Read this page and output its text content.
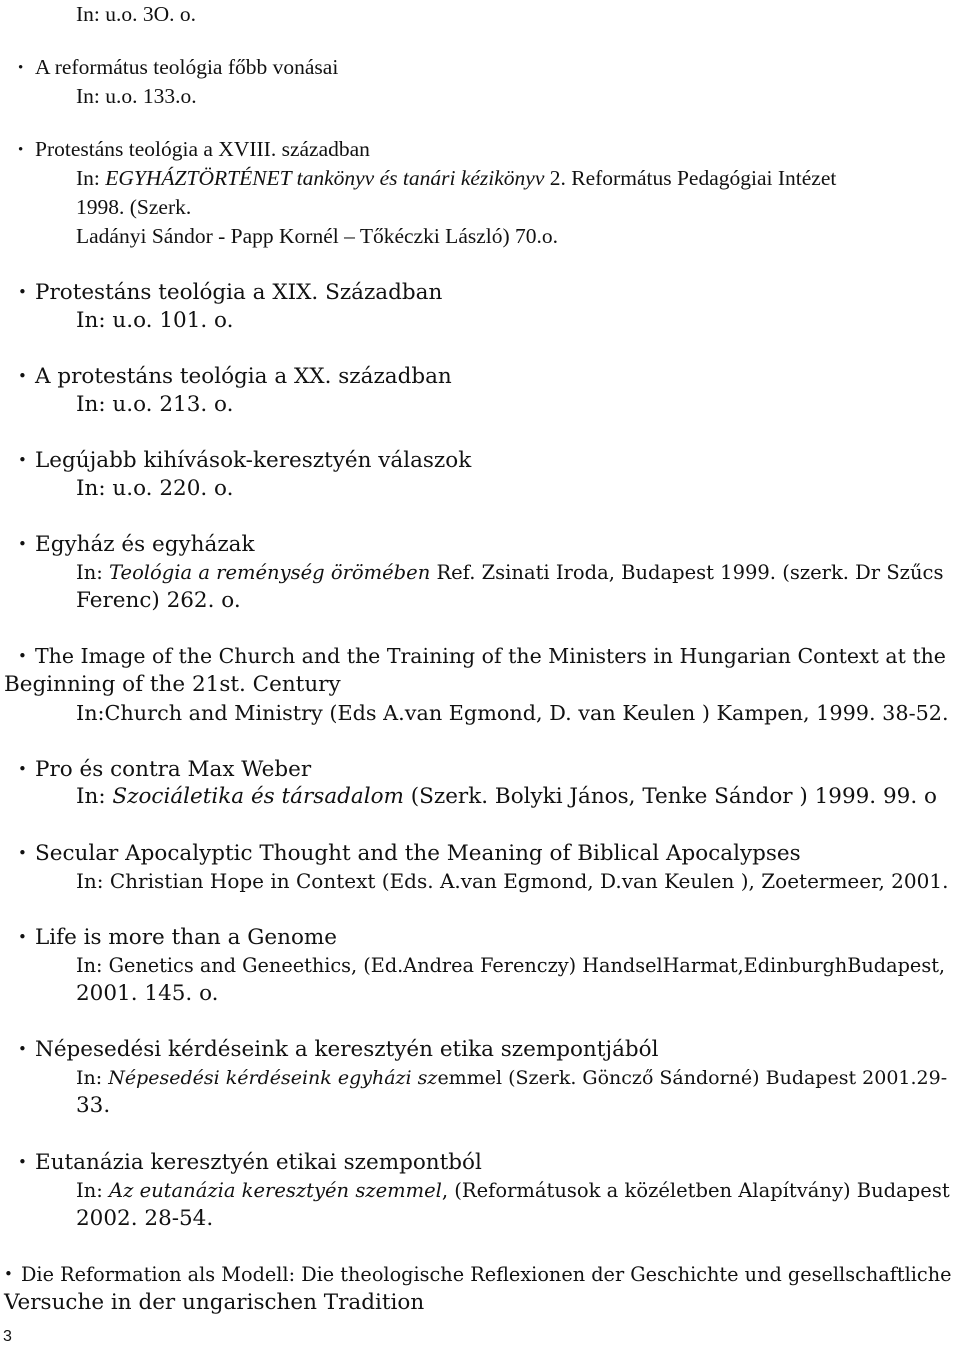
In: u.o. 3O. o.
• A református teológia főbb vonásai
In: u.o. 133.o.
• Protestáns teológia a XVIII. században
In: EGYHÁZTÖRTÉNET tankönyv és tanári kézikönyv 2. Református Pedagógiai Intézet
1998. (Szerk.
Ladányi Sándor - Papp Kornél – Tőkéczki László) 70.o.
• Protestáns teológia a XIX. Században
In: u.o. 101. o.
• A protestáns teológia a XX. században
In: u.o. 213. o.
• Legújabb kihívások-keresztyén válaszok
In: u.o. 220. o.
• Egyház és egyházak
In: Teológia a reménység örömében Ref. Zsinati Iroda, Budapest 1999. (szerk. Dr Szűcs
Ferenc) 262. o.
• The Image of the Church and the Training of the Ministers in Hungarian Context at the
Beginning of the 21st. Century
In:Church and Ministry (Eds A.van Egmond, D. van Keulen ) Kampen, 1999. 38-52.
• Pro és contra Max Weber
In: Szociáletika és társadalom (Szerk. Bolyki János, Tenke Sándor ) 1999. 99. o
• Secular Apocalyptic Thought and the Meaning of Biblical Apocalypses
In: Christian Hope in Context (Eds. A.van Egmond, D.van Keulen ), Zoetermeer, 2001.
• Life is more than a Genome
In: Genetics and Geneethics, (Ed.Andrea Ferenczy) HandselHarmat,EdinburghBudapest,
2001. 145. o.
• Népesedési kérdéseink a keresztyén etika szempontjából
In: Népesedési kérdéseink egyházi szemmel (Szerk. Göncző Sándorné) Budapest 2001.29-
33.
• Eutanázia keresztyén etikai szempontból
In: Az eutanázia keresztyén szemmel, (Reformátusok a közéletben Alapítvány) Budapest
2002. 28-54.
• Die Reformation als Modell: Die theologische Reflexionen der Geschichte und gesellschaftliche
Versuche in der ungarischen Tradition
3
